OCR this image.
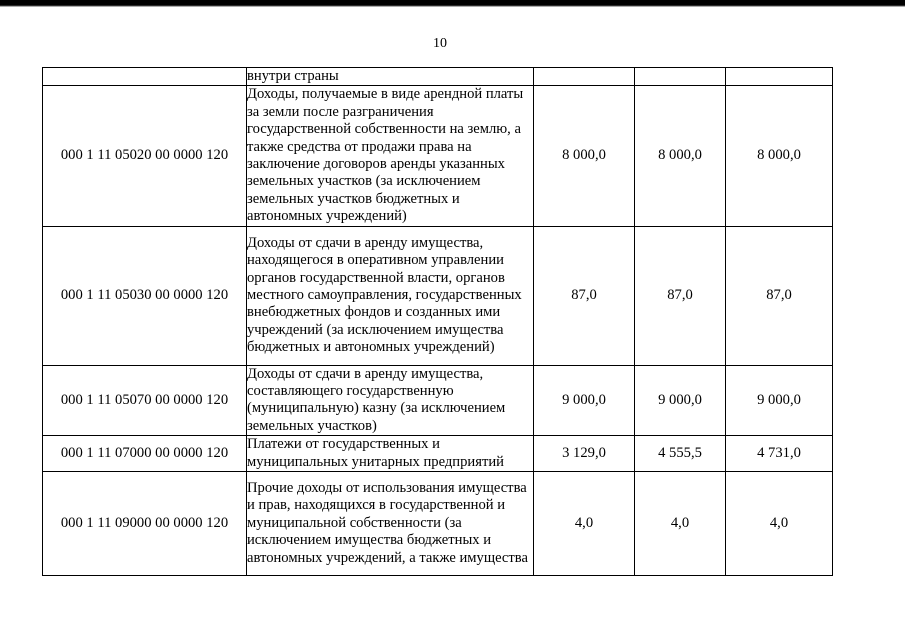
10
	внутри страны			
000 1 11 05020 00 0000 120	Доходы, получаемые в виде арендной платы за земли после разграничения государственной собственности на землю, а также средства от продажи права на заключение договоров аренды указанных земельных участков (за исключением земельных участков бюджетных и автономных учреждений)	8 000,0	8 000,0	8 000,0
000 1 11 05030 00 0000 120	Доходы от сдачи в аренду имущества, находящегося в оперативном управлении органов государственной власти, органов местного самоуправления, государственных внебюджетных фондов и созданных ими учреждений (за исключением имущества бюджетных и автономных учреждений)	87,0	87,0	87,0
000 1 11 05070 00 0000 120	Доходы от сдачи в аренду имущества, составляющего государственную (муниципальную) казну (за исключением земельных участков)	9 000,0	9 000,0	9 000,0
000 1 11 07000 00 0000 120	Платежи от государственных и муниципальных унитарных предприятий	3 129,0	4 555,5	4 731,0
000 1 11 09000 00 0000 120	Прочие доходы от использования имущества и прав, находящихся в государственной и муниципальной собственности (за исключением имущества бюджетных и автономных учреждений, а также имущества	4,0	4,0	4,0
